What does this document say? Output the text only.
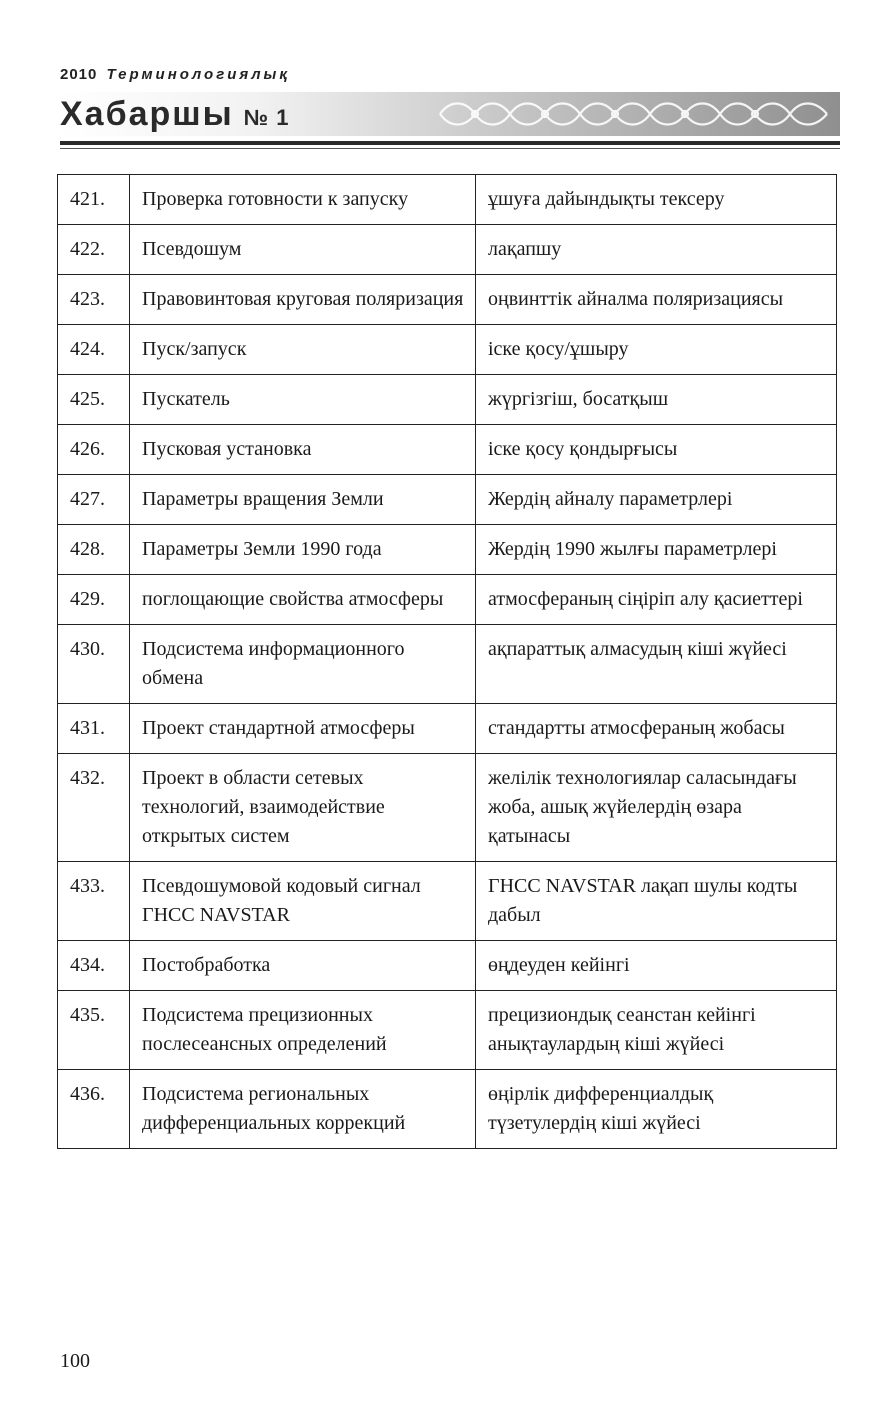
2010 Терминологиялық
Хабаршы № 1
421.	Проверка готовности к запуску	ұшуға дайындықты тексеру
422.	Псевдошум	лақапшу
423.	Правовинтовая круговая поляризация	оңвинттік айналма поляризациясы
424.	Пуск/запуск	іске қосу/ұшыру
425.	Пускатель	жүргізгіш, босатқыш
426.	Пусковая установка	іске қосу қондырғысы
427.	Параметры вращения Земли	Жердің айналу параметрлері
428.	Параметры Земли 1990 года	Жердің 1990 жылғы параметрлері
429.	поглощающие свойства атмосферы	атмосфераның сіңіріп алу қасиеттері
430.	Подсистема информационного обмена	ақпараттық алмасудың кіші жүйесі
431.	Проект стандартной атмосферы	стандартты атмосфераның жобасы
432.	Проект в области сетевых технологий, взаимодействие открытых систем	желілік технологиялар саласындағы жоба, ашық жүйелердің өзара қатынасы
433.	Псевдошумовой кодовый сигнал ГНСС NAVSTAR	ГНСС NAVSTAR лақап шулы кодты дабыл
434.	Постобработка	өңдеуден кейінгі
435.	Подсистема прецизионных послесеансных определений	прецизиондық сеанстан кейінгі анықтаулардың кіші жүйесі
436.	Подсистема региональных дифференциальных коррекций	өңірлік дифференциалдық түзетулердің кіші жүйесі
100
